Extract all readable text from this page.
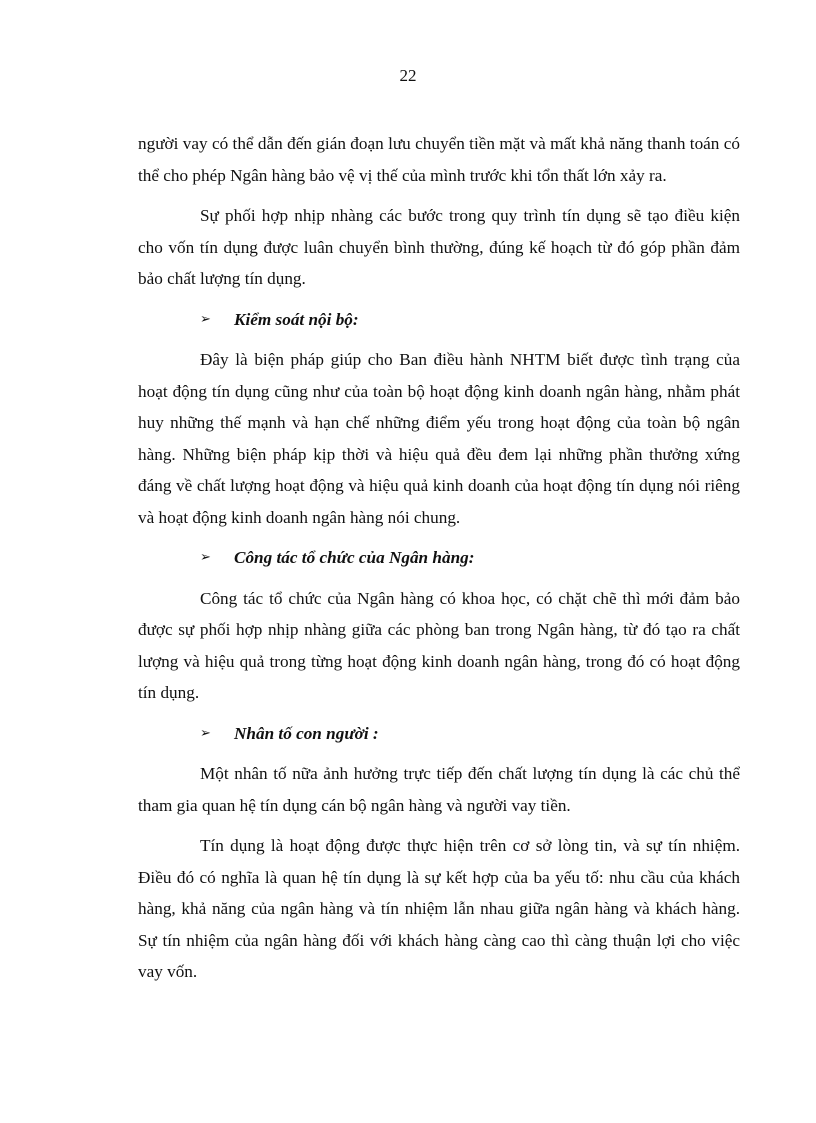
22

người vay có thể dẫn đến gián đoạn lưu chuyển tiền mặt và mất khả năng thanh toán có thể cho phép Ngân hàng bảo vệ vị thế của mình trước khi tổn thất lớn xảy ra.

Sự phối hợp nhịp nhàng các bước trong quy trình tín dụng sẽ tạo điều kiện cho vốn tín dụng được luân chuyển bình thường, đúng kế hoạch từ đó góp phần đảm bảo chất lượng tín dụng.

➢	Kiểm soát nội bộ:

Đây là biện pháp giúp cho Ban điều hành NHTM biết được tình trạng của hoạt động tín dụng cũng như của toàn bộ hoạt động kinh doanh ngân hàng, nhằm phát huy những thế mạnh và hạn chế những điểm yếu trong hoạt động của toàn bộ ngân hàng. Những biện pháp kịp thời và hiệu quả đều đem lại những phần thưởng xứng đáng về chất lượng hoạt động và hiệu quả kinh doanh của hoạt động tín dụng nói riêng và hoạt động kinh doanh ngân hàng nói chung.

➢	Công tác tổ chức của Ngân hàng:

Công tác tổ chức của Ngân hàng có khoa học, có chặt chẽ thì mới đảm bảo được sự phối hợp nhịp nhàng giữa các phòng ban trong Ngân hàng, từ đó tạo ra chất lượng và hiệu quả trong từng hoạt động kinh doanh ngân hàng, trong đó có hoạt động tín dụng.

➢	Nhân tố con người :

Một nhân tố nữa ảnh hưởng trực tiếp đến chất lượng tín dụng là các chủ thể tham gia quan hệ tín dụng cán bộ ngân hàng và người vay tiền.

Tín dụng là hoạt động được thực hiện trên cơ sở lòng tin, và sự tín nhiệm. Điều đó có nghĩa là quan hệ tín dụng là sự kết hợp của ba yếu tố: nhu cầu của khách hàng, khả năng của ngân hàng và tín nhiệm lẫn nhau giữa ngân hàng và khách hàng. Sự tín nhiệm của ngân hàng đối với khách hàng càng cao thì càng thuận lợi cho việc vay vốn.
